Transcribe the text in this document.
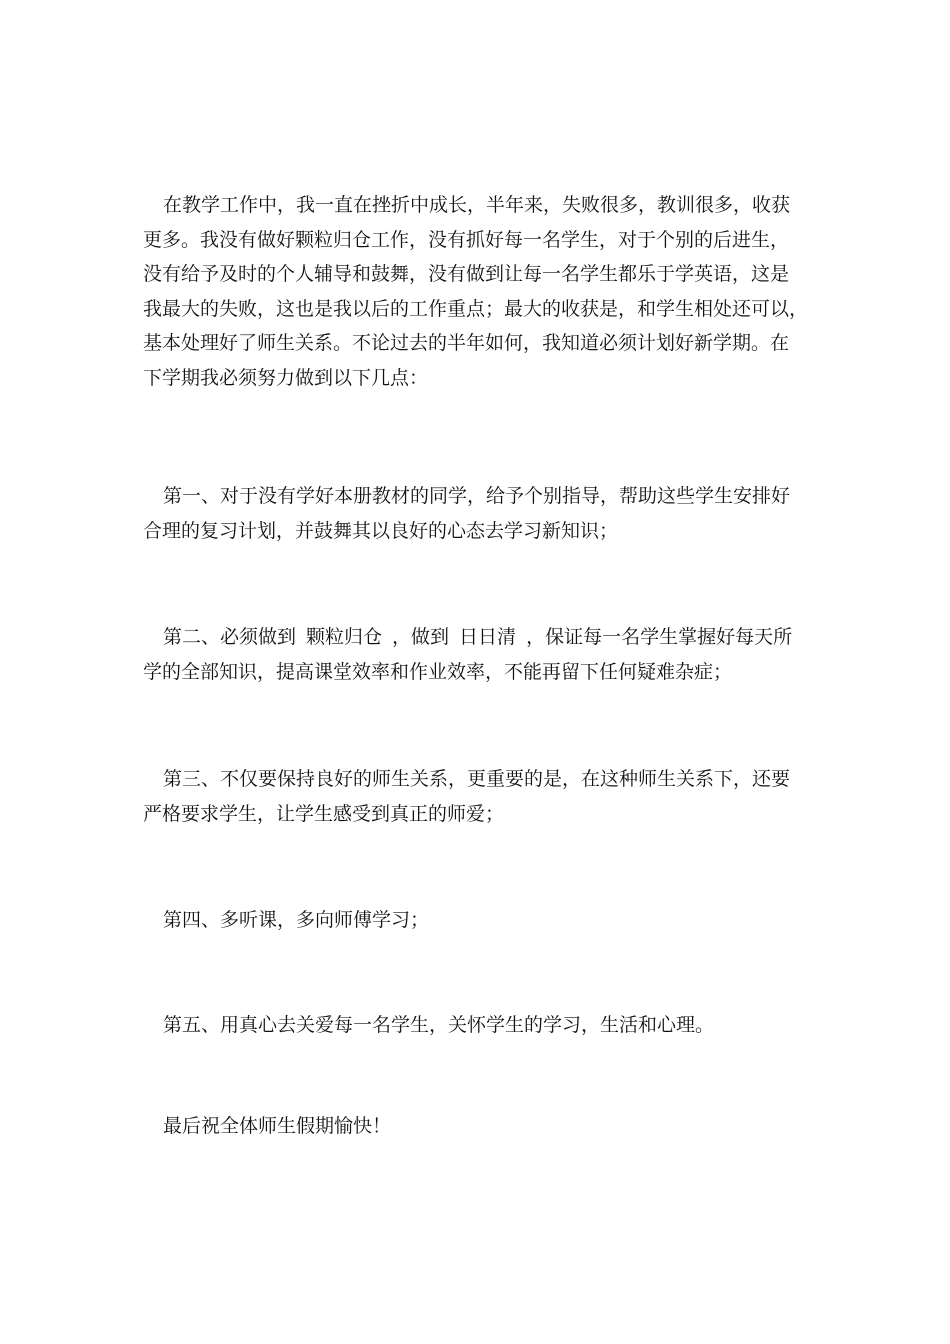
在教学工作中，我一直在挫折中成长，半年来，失败很多，教训很多，收获
更多。我没有做好颗粒归仓工作，没有抓好每一名学生，对于个别的后进生，
没有给予及时的个人辅导和鼓舞，没有做到让每一名学生都乐于学英语，这是
我最大的失败，这也是我以后的工作重点；最大的收获是，和学生相处还可以，
基本处理好了师生关系。不论过去的半年如何，我知道必须计划好新学期。在
下学期我必须努力做到以下几点：

第一、对于没有学好本册教材的同学，给予个别指导，帮助这些学生安排好
合理的复习计划，并鼓舞其以良好的心态去学习新知识；

第二、必须做到 颗粒归仓 ，做到 日日清 ，保证每一名学生掌握好每天所
学的全部知识，提高课堂效率和作业效率，不能再留下任何疑难杂症；

第三、不仅要保持良好的师生关系，更重要的是，在这种师生关系下，还要
严格要求学生，让学生感受到真正的师爱；

第四、多听课，多向师傅学习；

第五、用真心去关爱每一名学生，关怀学生的学习，生活和心理。

最后祝全体师生假期愉快！
